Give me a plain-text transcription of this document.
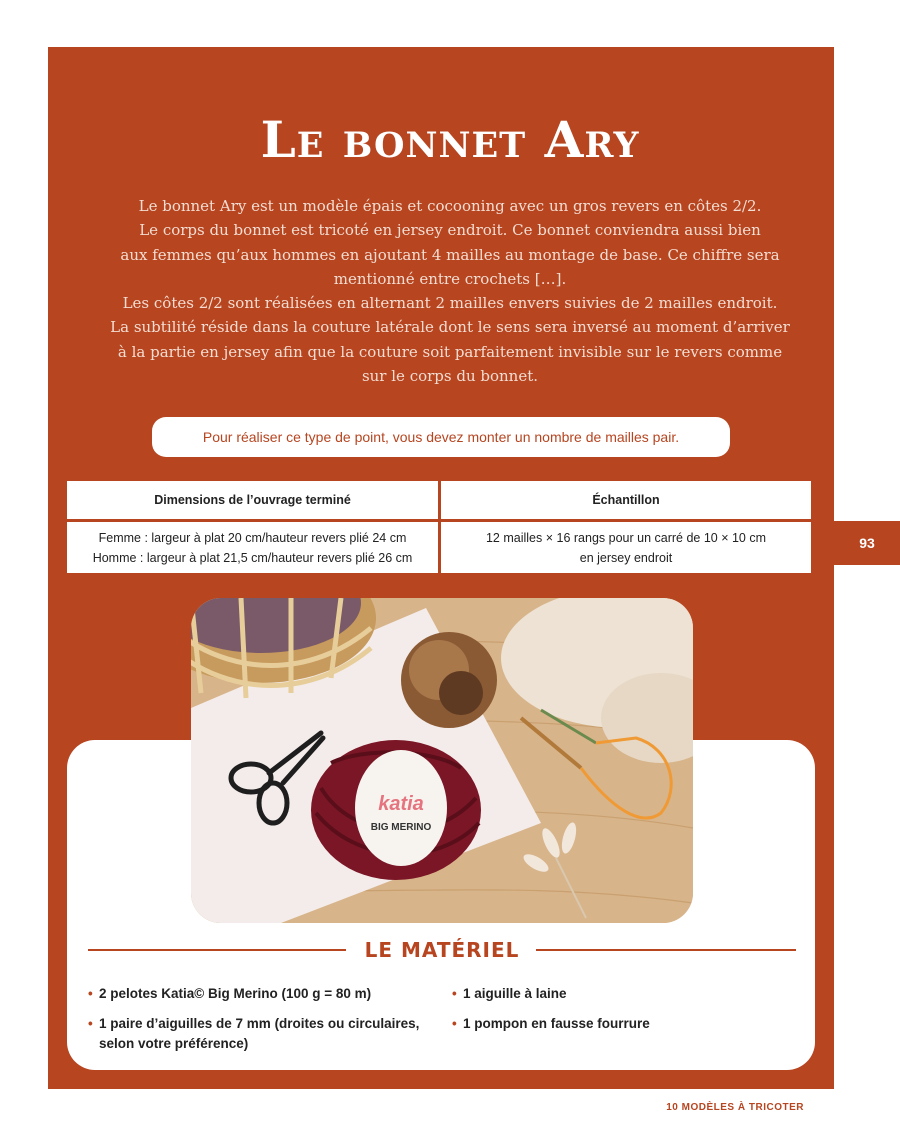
Le bonnet Ary

Le bonnet Ary est un modèle épais et cocooning avec un gros revers en côtes 2/2.
Le corps du bonnet est tricoté en jersey endroit. Ce bonnet conviendra aussi bien
aux femmes qu’aux hommes en ajoutant 4 mailles au montage de base. Ce chiffre sera
mentionné entre crochets […].
Les côtes 2/2 sont réalisées en alternant 2 mailles envers suivies de 2 mailles endroit.
La subtilité réside dans la couture latérale dont le sens sera inversé au moment d’arriver
à la partie en jersey afin que la couture soit parfaitement invisible sur le revers comme
sur le corps du bonnet.

Pour réaliser ce type de point, vous devez monter un nombre de mailles pair.
Dimensions de l’ouvrage terminé	Échantillon
Femme : largeur à plat 20 cm/hauteur revers plié 24 cm
Homme : largeur à plat 21,5 cm/hauteur revers plié 26 cm
12 mailles × 16 rangs pour un carré de 10 × 10 cm
en jersey endroit
93
katia
BIG MERINO
LE MATÉRIEL
• 2 pelotes Katia© Big Merino (100 g = 80 m)
• 1 paire d’aiguilles de 7 mm (droites ou circulaires, selon votre préférence)
• 1 aiguille à laine
• 1 pompon en fausse fourrure
10 MODÈLES À TRICOTER
